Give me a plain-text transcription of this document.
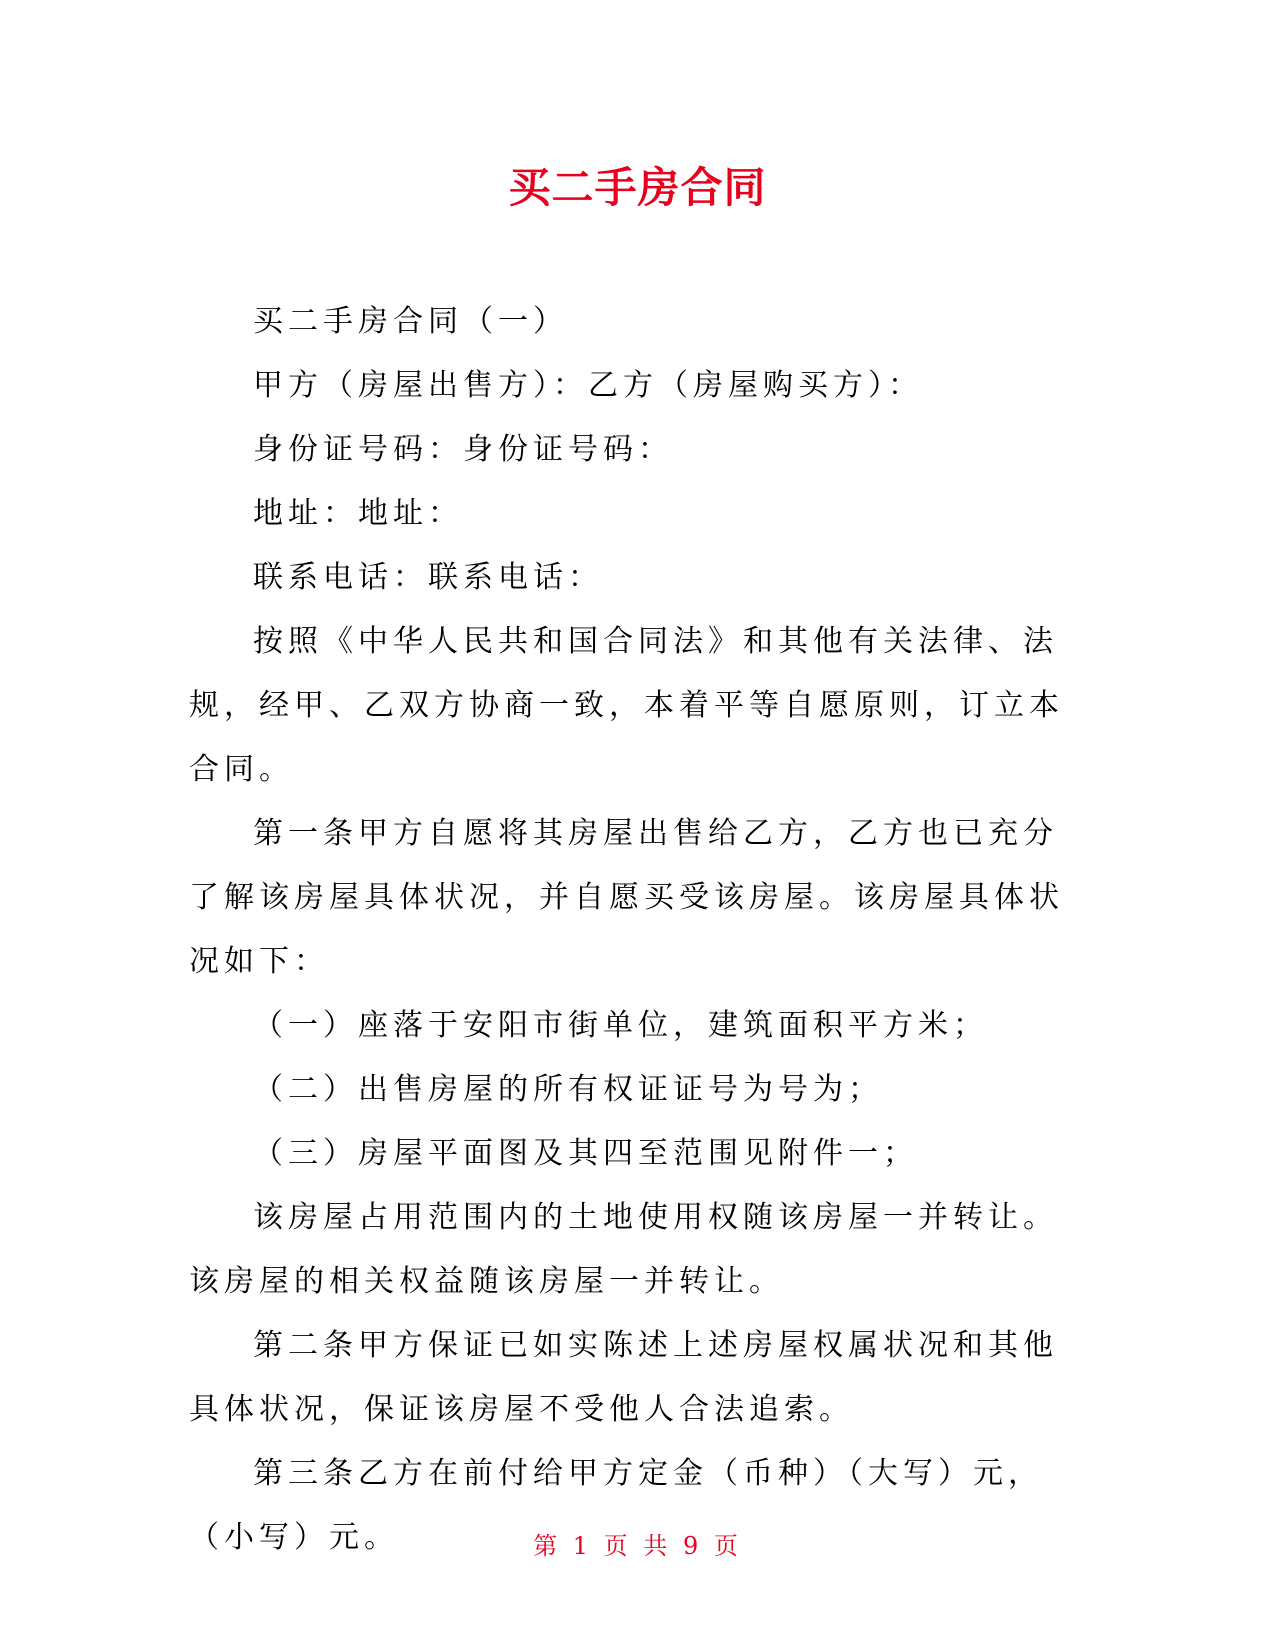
买二手房合同

买二手房合同（一）

甲方（房屋出售方）：乙方（房屋购买方）：

身份证号码：身份证号码：

地址：地址：

联系电话：联系电话：

按照《中华人民共和国合同法》和其他有关法律、法规，经甲、乙双方协商一致，本着平等自愿原则，订立本合同。

第一条甲方自愿将其房屋出售给乙方，乙方也已充分了解该房屋具体状况，并自愿买受该房屋。该房屋具体状况如下：

（一）座落于安阳市街单位，建筑面积平方米；

（二）出售房屋的所有权证证号为号为；

（三）房屋平面图及其四至范围见附件一；

该房屋占用范围内的土地使用权随该房屋一并转让。该房屋的相关权益随该房屋一并转让。

第二条甲方保证已如实陈述上述房屋权属状况和其他具体状况，保证该房屋不受他人合法追索。

第三条乙方在前付给甲方定金（币种）（大写）元，（小写）元。	第 1 页 共 9 页
